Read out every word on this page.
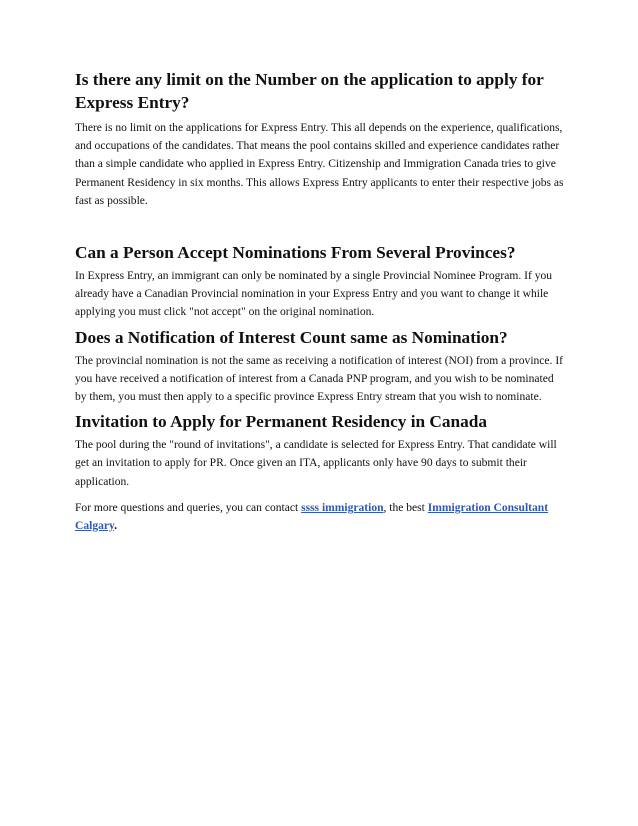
Is there any limit on the Number on the application to apply for Express Entry?

There is no limit on the applications for Express Entry. This all depends on the experience, qualifications, and occupations of the candidates. That means the pool contains skilled and experience candidates rather than a simple candidate who applied in Express Entry. Citizenship and Immigration Canada tries to give Permanent Residency in six months. This allows Express Entry applicants to enter their respective jobs as fast as possible.

Can a Person Accept Nominations From Several Provinces?

In Express Entry, an immigrant can only be nominated by a single Provincial Nominee Program. If you already have a Canadian Provincial nomination in your Express Entry and you want to change it while applying you must click "not accept" on the original nomination.

Does a Notification of Interest Count same as Nomination?

The provincial nomination is not the same as receiving a notification of interest (NOI) from a province. If you have received a notification of interest from a Canada PNP program, and you wish to be nominated by them, you must then apply to a specific province Express Entry stream that you wish to nominate.

Invitation to Apply for Permanent Residency in Canada

The pool during the "round of invitations", a candidate is selected for Express Entry. That candidate will get an invitation to apply for PR. Once given an ITA, applicants only have 90 days to submit their application.

For more questions and queries, you can contact ssss immigration, the best Immigration Consultant Calgary.
